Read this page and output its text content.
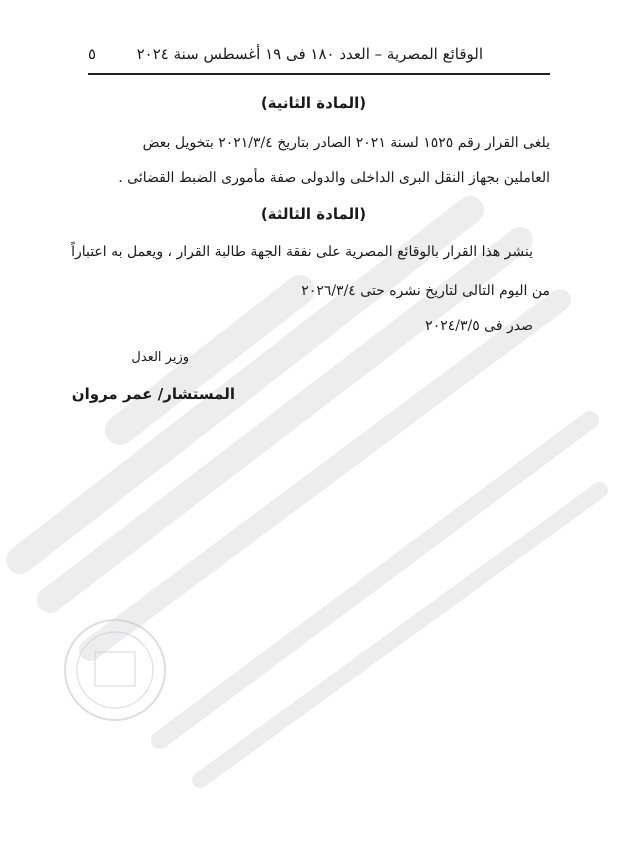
الوقائع المصرية – العدد ١٨٠ فى ١٩ أغسطس سنة ٢٠٢٤
٥
(المادة الثانية)
يلغى القرار رقم ١٥٢٥ لسنة ٢٠٢١ الصادر بتاريخ ٢٠٢١/٣/٤ بتخويل بعض
العاملين بجهاز النقل البرى الداخلى والدولى صفة مأمورى الضبط القضائى .
(المادة الثالثة)
ينشر هذا القرار بالوقائع المصرية على نفقة الجهة طالبة القرار ، ويعمل به اعتباراً
من اليوم التالى لتاريخ نشره حتى ٢٠٢٦/٣/٤
صدر فى ٢٠٢٤/٣/٥
وزير العدل
المستشار/ عمر مروان
